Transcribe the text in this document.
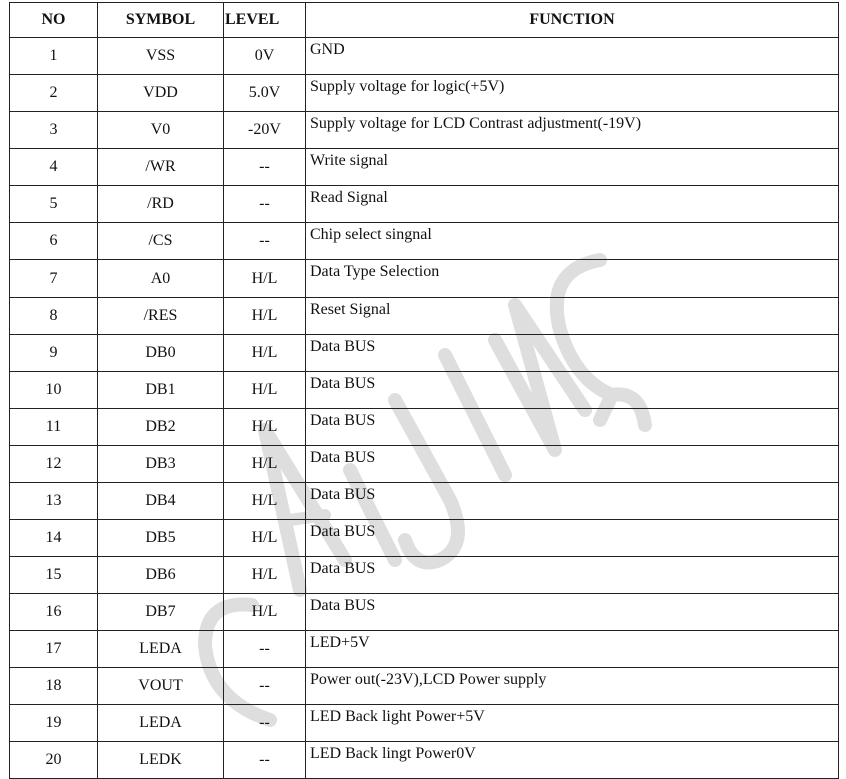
NO	SYMBOL	LEVEL	FUNCTION
1	VSS	0V	GND
2	VDD	5.0V	Supply voltage for logic(+5V)
3	V0	-20V	Supply voltage for LCD Contrast adjustment(-19V)
4	/WR	--	Write signal
5	/RD	--	Read Signal
6	/CS	--	Chip select singnal
7	A0	H/L	Data Type Selection
8	/RES	H/L	Reset Signal
9	DB0	H/L	Data BUS
10	DB1	H/L	Data BUS
11	DB2	H/L	Data BUS
12	DB3	H/L	Data BUS
13	DB4	H/L	Data BUS
14	DB5	H/L	Data BUS
15	DB6	H/L	Data BUS
16	DB7	H/L	Data BUS
17	LEDA	--	LED+5V
18	VOUT	--	Power out(-23V),LCD Power supply
19	LEDA	--	LED Back light Power+5V
20	LEDK	--	LED Back lingt Power0V
